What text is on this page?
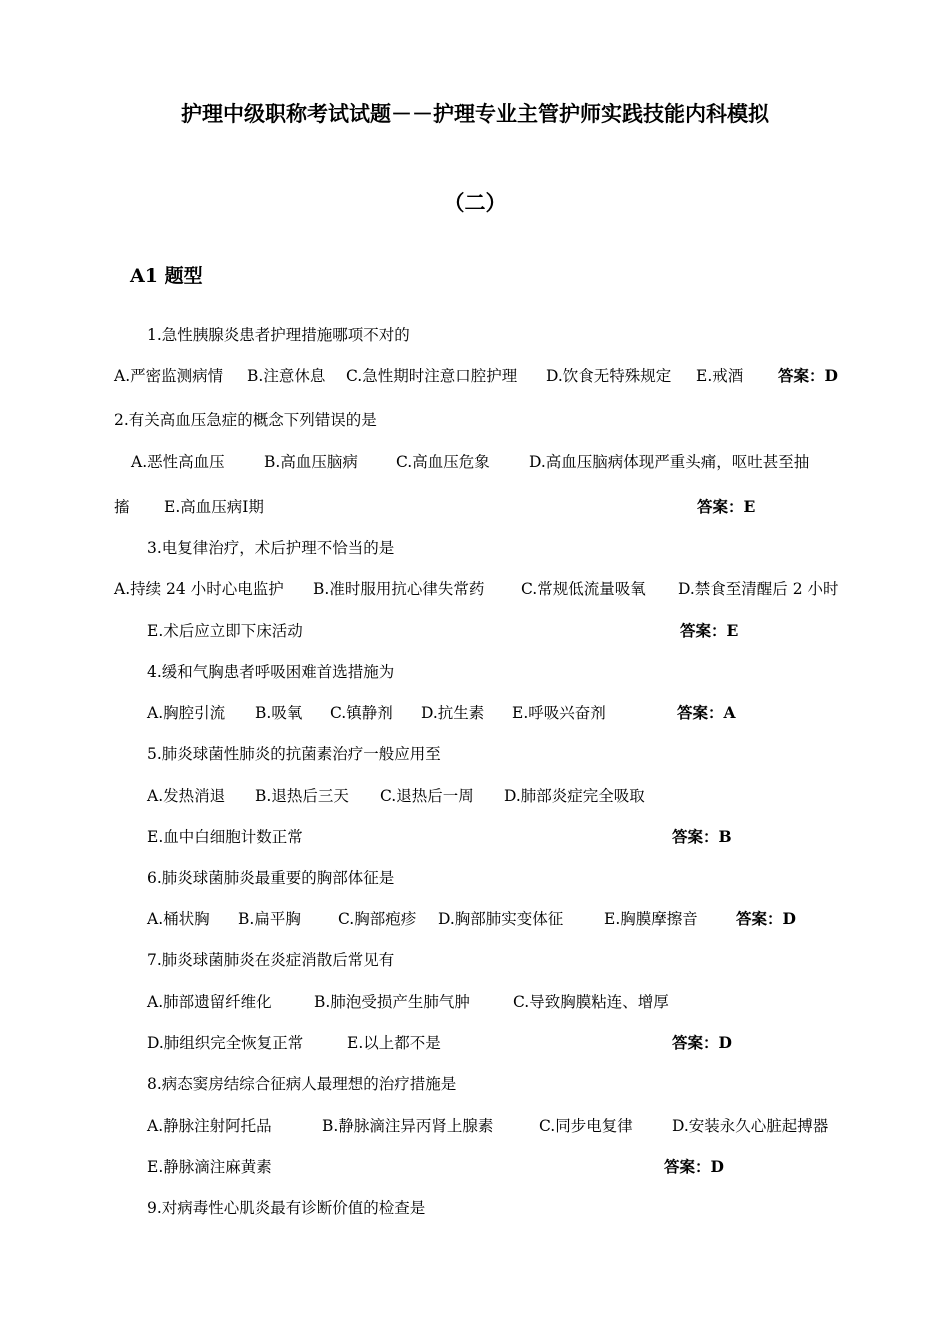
护理中级职称考试试题－－护理专业主管护师实践技能内科模拟
（二）
A1 题型
1.急性胰腺炎患者护理措施哪项不对的
A.严密监测病情 B.注意休息 C.急性期时注意口腔护理 D.饮食无特殊规定 E.戒酒 答案：D
2.有关高血压急症的概念下列错误的是
A.恶性高血压	B.高血压脑病 C.高血压危象	D.高血压脑病体现严重头痛，呕吐甚至抽
搐 E.高血压病Ⅰ期	答案：E
3.电复律治疗，术后护理不恰当的是
A.持续 24 小时心电监护 B.准时服用抗心律失常药 C.常规低流量吸氧 D.禁食至清醒后 2 小时
E.术后应立即下床活动	答案：E
4.缓和气胸患者呼吸困难首选措施为
A.胸腔引流 B.吸氧 C.镇静剂 D.抗生素 E.呼吸兴奋剂	答案：A
5.肺炎球菌性肺炎的抗菌素治疗一般应用至
A.发热消退 B.退热后三天 C.退热后一周 D.肺部炎症完全吸取
E.血中白细胞计数正常	答案：B
6.肺炎球菌肺炎最重要的胸部体征是
A.桶状胸 B.扁平胸 C.胸部疱疹 D.胸部肺实变体征	E.胸膜摩擦音 答案：D
7.肺炎球菌肺炎在炎症消散后常见有
A.肺部遗留纤维化	B.肺泡受损产生肺气肿	C.导致胸膜粘连、增厚
D.肺组织完全恢复正常	E.以上都不是	答案：D
8.病态窦房结综合征病人最理想的治疗措施是
A.静脉注射阿托品	B.静脉滴注异丙肾上腺素	C.同步电复律	D.安装永久心脏起搏器
E.静脉滴注麻黄素	答案：D
9.对病毒性心肌炎最有诊断价值的检查是
